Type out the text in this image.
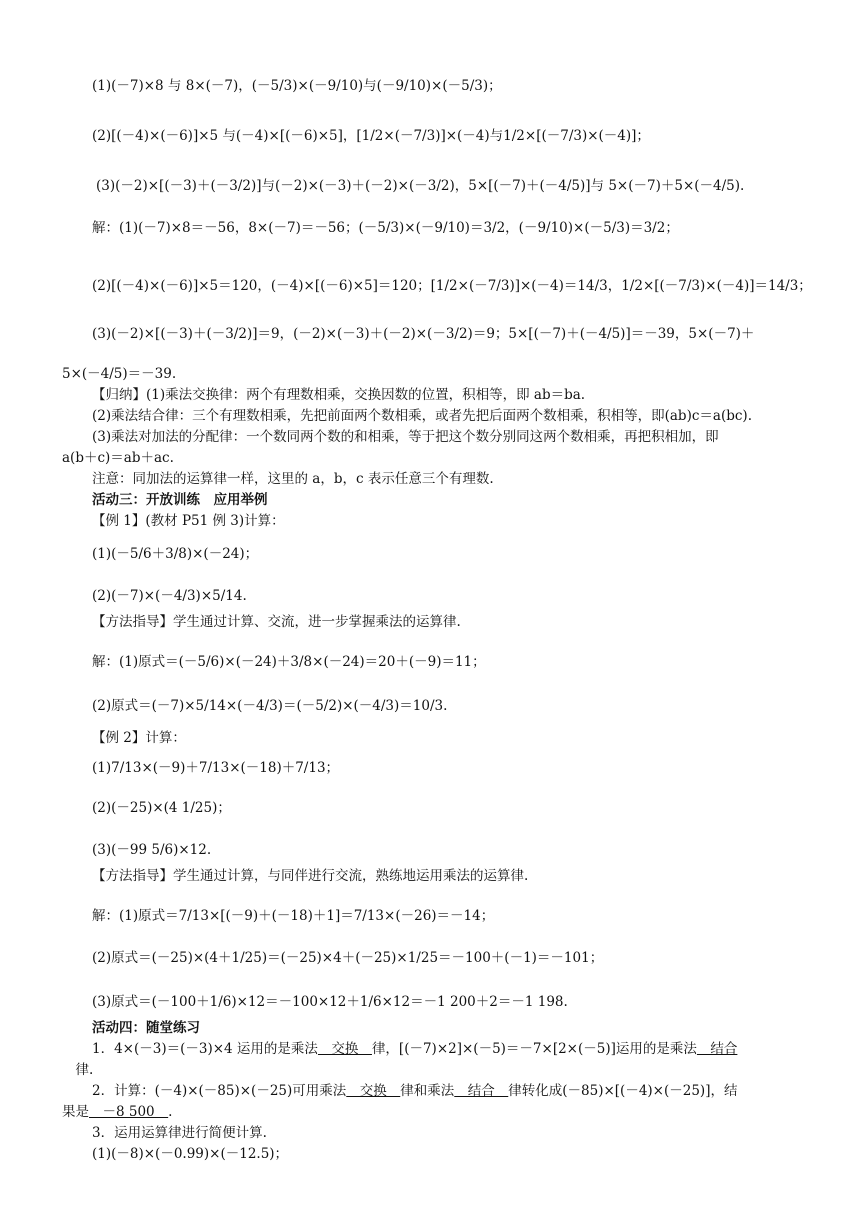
(1)(－7)×8 与 8×(－7)，(－5/3)×(－9/10)与(－9/10)×(－5/3)；
(2)[(－4)×(－6)]×5 与(－4)×[(－6)×5]，[1/2×(－7/3)]×(－4)与1/2×[(－7/3)×(－4)]；
(3)(－2)×[(－3)＋(－3/2)]与(－2)×(－3)＋(－2)×(－3/2)，5×[(－7)＋(－4/5)]与 5×(－7)＋5×(－4/5).
解：(1)(－7)×8＝－56，8×(－7)＝－56；(－5/3)×(－9/10)＝3/2，(－9/10)×(－5/3)＝3/2；
(2)[(－4)×(－6)]×5＝120，(－4)×[(－6)×5]＝120；[1/2×(－7/3)]×(－4)＝14/3，1/2×[(－7/3)×(－4)]＝14/3；
(3)(－2)×[(－3)＋(－3/2)]＝9，(－2)×(－3)＋(－2)×(－3/2)＝9；5×[(－7)＋(－4/5)]＝－39，5×(－7)＋
5×(－4/5)＝－39.
【归纳】(1)乘法交换律：两个有理数相乘，交换因数的位置，积相等，即 ab＝ba.
(2)乘法结合律：三个有理数相乘，先把前面两个数相乘，或者先把后面两个数相乘，积相等，即(ab)c＝a(bc).
(3)乘法对加法的分配律：一个数同两个数的和相乘，等于把这个数分别同这两个数相乘，再把积相加，即
a(b＋c)＝ab＋ac.
注意：同加法的运算律一样，这里的 a，b，c 表示任意三个有理数.
活动三：开放训练　应用举例
【例 1】(教材 P51 例 3)计算：
(1)(－5/6＋3/8)×(－24)；
(2)(－7)×(－4/3)×5/14.
【方法指导】学生通过计算、交流，进一步掌握乘法的运算律.
解：(1)原式＝(－5/6)×(－24)＋3/8×(－24)＝20＋(－9)＝11；
(2)原式＝(－7)×5/14×(－4/3)＝(－5/2)×(－4/3)＝10/3.
【例 2】计算：
(1)7/13×(－9)＋7/13×(－18)＋7/13；
(2)(－25)×(4 1/25)；
(3)(－99 5/6)×12.
【方法指导】学生通过计算，与同伴进行交流，熟练地运用乘法的运算律.
解：(1)原式＝7/13×[(－9)＋(－18)＋1]＝7/13×(－26)＝－14；
(2)原式＝(－25)×(4＋1/25)＝(－25)×4＋(－25)×1/25＝－100＋(－1)＝－101；
(3)原式＝(－100＋1/6)×12＝－100×12＋1/6×12＝－1 200＋2＝－1 198.
活动四：随堂练习
1．4×(－3)＝(－3)×4 运用的是乘法　交换　律，[(－7)×2]×(－5)＝－7×[2×(－5)]运用的是乘法　结合
　律.
2．计算：(－4)×(－85)×(－25)可用乘法　交换　律和乘法　结合　律转化成(－85)×[(－4)×(－25)]，结
果是　－8 500　.
3．运用运算律进行简便计算.
(1)(－8)×(－0.99)×(－12.5)；
